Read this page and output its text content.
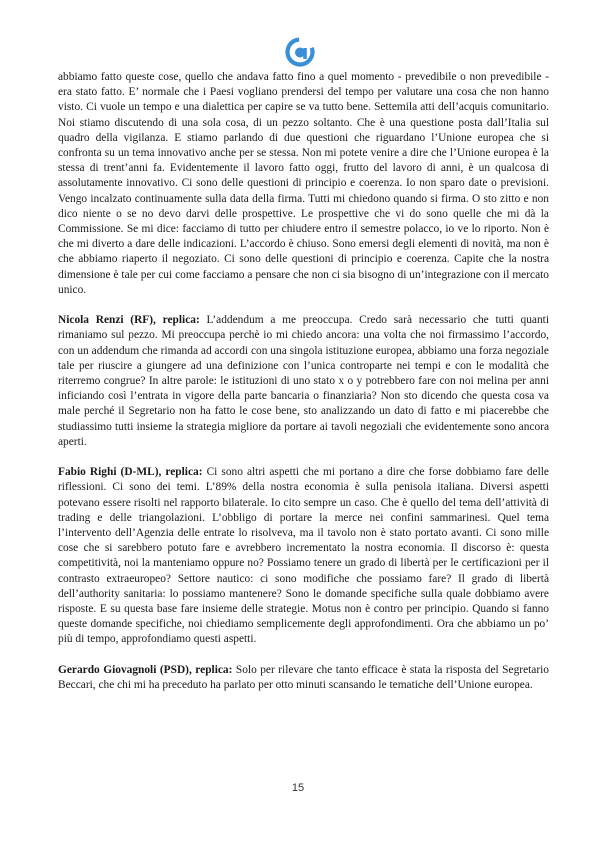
abbiamo fatto queste cose, quello che andava fatto fino a quel momento - prevedibile o non prevedibile - era stato fatto. E’ normale che i Paesi vogliano prendersi del tempo per valutare una cosa che non hanno visto. Ci vuole un tempo e una dialettica per capire se va tutto bene. Settemila atti dell’acquis comunitario. Noi stiamo discutendo di una sola cosa, di un pezzo soltanto. Che è una questione posta dall’Italia sul quadro della vigilanza. E stiamo parlando di due questioni che riguardano l’Unione europea che si confronta su un tema innovativo anche per se stessa. Non mi potete venire a dire che l’Unione europea è la stessa di trent’anni fa. Evidentemente il lavoro fatto oggi, frutto del lavoro di anni, è un qualcosa di assolutamente innovativo. Ci sono delle questioni di principio e coerenza. Io non sparo date o previsioni. Vengo incalzato continuamente sulla data della firma. Tutti mi chiedono quando si firma. O sto zitto e non dico niente o se no devo darvi delle prospettive. Le prospettive che vi do sono quelle che mi dà la Commissione. Se mi dice: facciamo di tutto per chiudere entro il semestre polacco, io ve lo riporto. Non è che mi diverto a dare delle indicazioni. L’accordo è chiuso. Sono emersi degli elementi di novità, ma non è che abbiamo riaperto il negoziato. Ci sono delle questioni di principio e coerenza. Capite che la nostra dimensione è tale per cui come facciamo a pensare che non ci sia bisogno di un’integrazione con il mercato unico.

Nicola Renzi (RF), replica: L’addendum a me preoccupa. Credo sarà necessario che tutti quanti rimaniamo sul pezzo. Mi preoccupa perchè io mi chiedo ancora: una volta che noi firmassimo l’accordo, con un addendum che rimanda ad accordi con una singola istituzione europea, abbiamo una forza negoziale tale per riuscire a giungere ad una definizione con l’unica controparte nei tempi e con le modalità che riterremo congrue? In altre parole: le istituzioni di uno stato x o y potrebbero fare con noi melina per anni inficiando così l’entrata in vigore della parte bancaria o finanziaria? Non sto dicendo che questa cosa va male perché il Segretario non ha fatto le cose bene, sto analizzando un dato di fatto e mi piacerebbe che studiassimo tutti insieme la strategia migliore da portare ai tavoli negoziali che evidentemente sono ancora aperti.

Fabio Righi (D-ML), replica: Ci sono altri aspetti che mi portano a dire che forse dobbiamo fare delle riflessioni. Ci sono dei temi. L’89% della nostra economia è sulla penisola italiana. Diversi aspetti potevano essere risolti nel rapporto bilaterale. Io cito sempre un caso. Che è quello del tema dell’attività di trading e delle triangolazioni. L’obbligo di portare la merce nei confini sammarinesi. Quel tema l’intervento dell’Agenzia delle entrate lo risolveva, ma il tavolo non è stato portato avanti. Ci sono mille cose che si sarebbero potuto fare e avrebbero incrementato la nostra economia. Il discorso è: questa competitività, noi la manteniamo oppure no? Possiamo tenere un grado di libertà per le certificazioni per il contrasto extraeuropeo? Settore nautico: ci sono modifiche che possiamo fare? Il grado di libertà dell’authority sanitaria: lo possiamo mantenere? Sono le domande specifiche sulla quale dobbiamo avere risposte. E su questa base fare insieme delle strategie. Motus non è contro per principio. Quando si fanno queste domande specifiche, noi chiediamo semplicemente degli approfondimenti. Ora che abbiamo un po’ più di tempo, approfondiamo questi aspetti.

Gerardo Giovagnoli (PSD), replica: Solo per rilevare che tanto efficace è stata la risposta del Segretario Beccari, che chi mi ha preceduto ha parlato per otto minuti scansando le tematiche dell’Unione europea.

15
